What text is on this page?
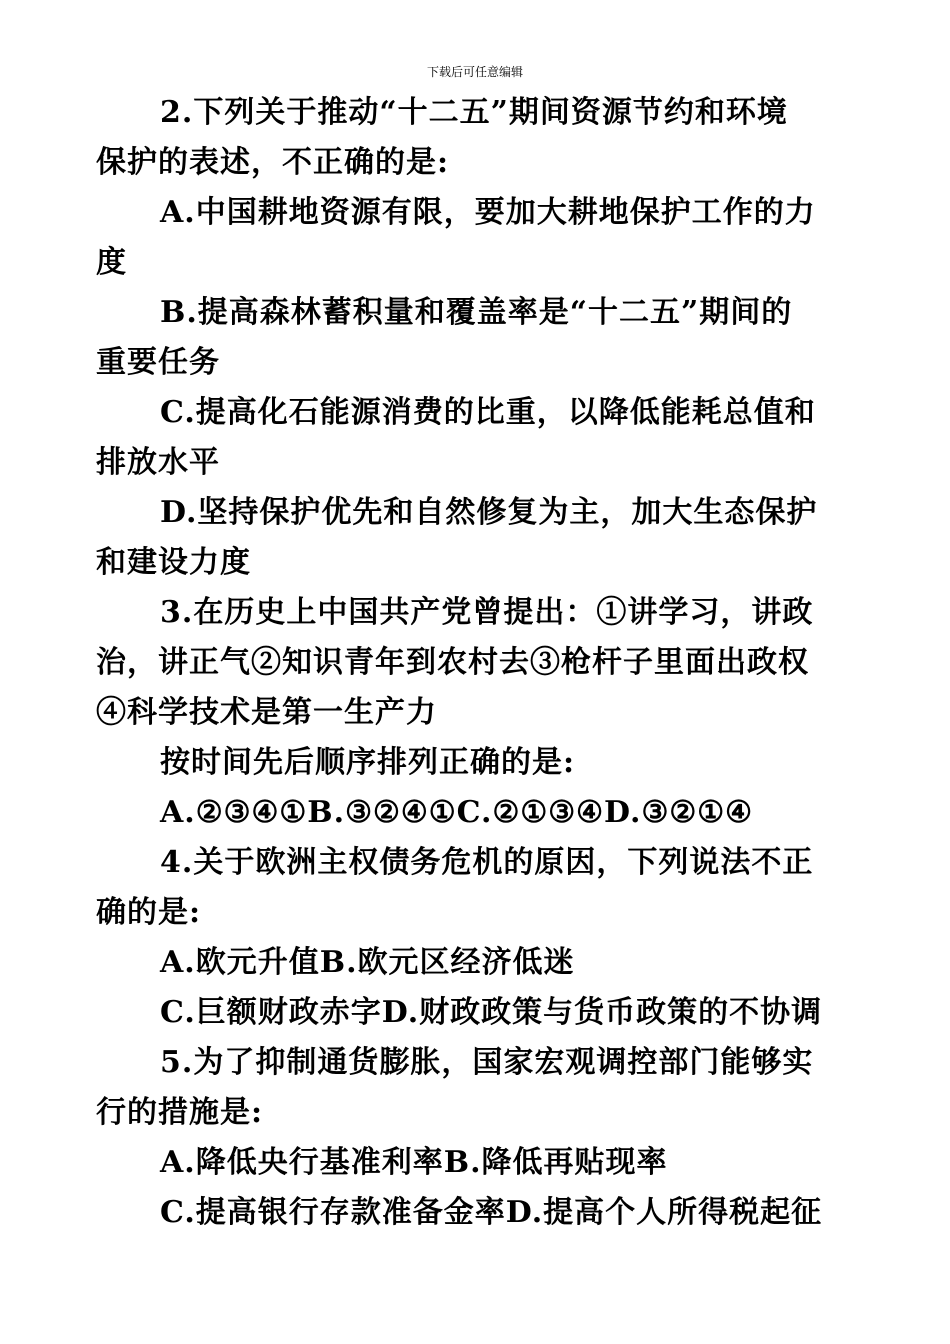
下载后可任意编辑
2.下列关于推动“十二五”期间资源节约和环境
保护的表述，不正确的是:
A.中国耕地资源有限，要加大耕地保护工作的力
度
B.提高森林蓄积量和覆盖率是“十二五”期间的
重要任务
C.提高化石能源消费的比重，以降低能耗总值和
排放水平
D.坚持保护优先和自然修复为主，加大生态保护
和建设力度
3.在历史上中国共产党曾提出：①讲学习，讲政
治，讲正气②知识青年到农村去③枪杆子里面出政权
④科学技术是第一生产力
按时间先后顺序排列正确的是:
A.②③④①B.③②④①C.②①③④D.③②①④
4.关于欧洲主权债务危机的原因，下列说法不正
确的是:
A.欧元升值B.欧元区经济低迷
C.巨额财政赤字D.财政政策与货币政策的不协调
5.为了抑制通货膨胀，国家宏观调控部门能够实
行的措施是:
A.降低央行基准利率B.降低再贴现率
C.提高银行存款准备金率D.提高个人所得税起征
